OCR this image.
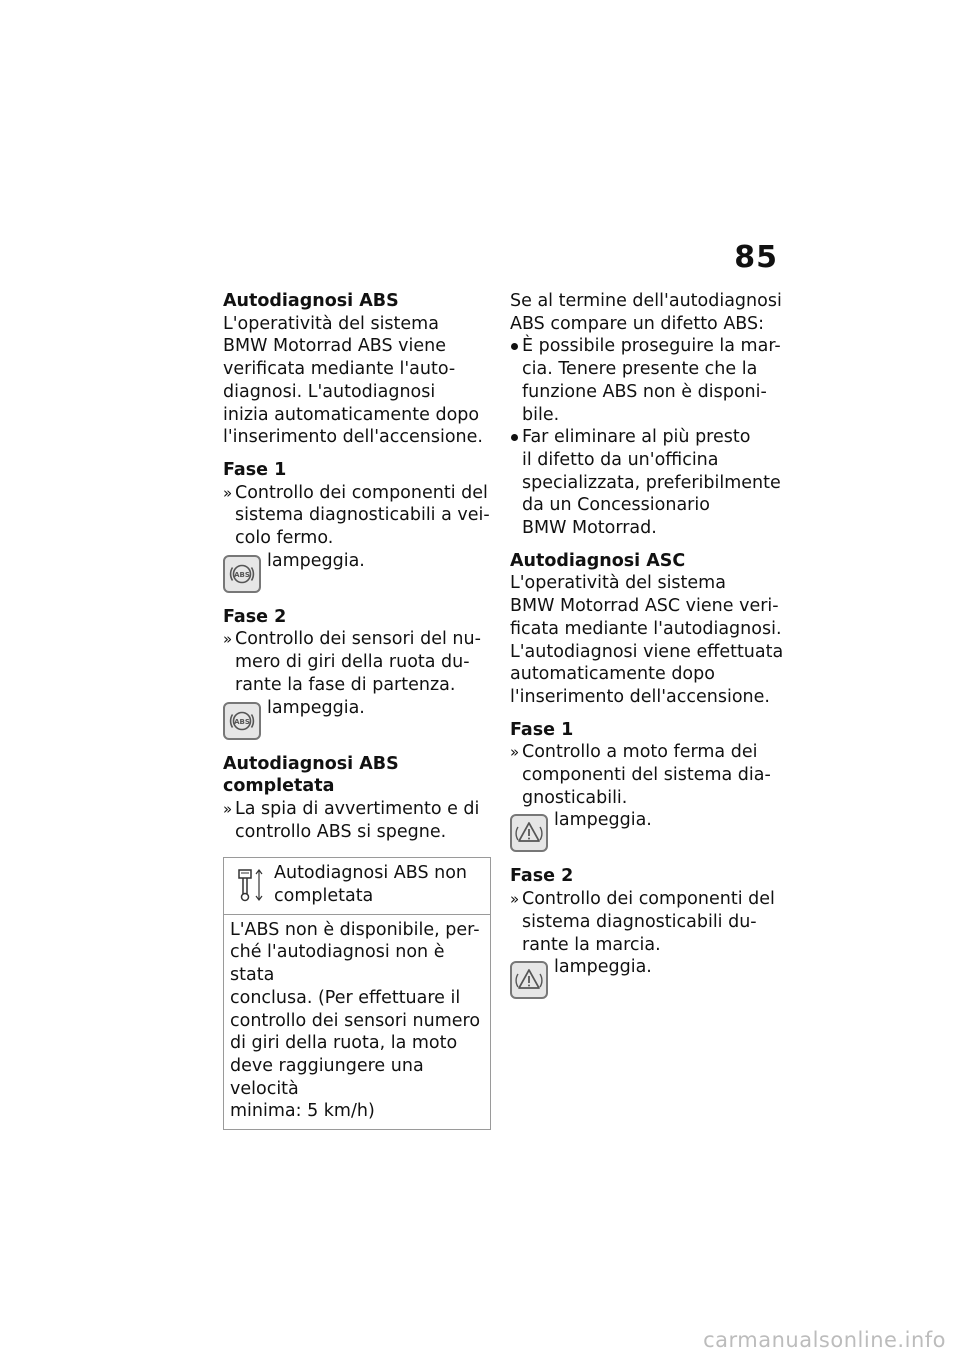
85
Autodiagnosi ABS
L'operatività del sistema
BMW Motorrad ABS viene
verificata mediante l'auto-
diagnosi. L'autodiagnosi
inizia automaticamente dopo
l'inserimento dell'accensione.
Fase 1
» Controllo dei componenti del
sistema diagnosticabili a vei-
colo fermo.
ABS
lampeggia.
Fase 2
» Controllo dei sensori del nu-
mero di giri della ruota du-
rante la fase di partenza.
ABS
lampeggia.
Autodiagnosi ABS completata
» La spia di avvertimento e di
controllo ABS si spegne.
Autodiagnosi ABS non
completata
L'ABS non è disponibile, per-
ché l'autodiagnosi non è stata
conclusa. (Per effettuare il
controllo dei sensori numero
di giri della ruota, la moto
deve raggiungere una velocità
minima: 5 km/h)
Se al termine dell'autodiagnosi
ABS compare un difetto ABS:
È possibile proseguire la mar-
cia. Tenere presente che la
funzione ABS non è disponi-
bile.
Far eliminare al più presto
il difetto da un'officina
specializzata, preferibilmente
da un Concessionario
BMW Motorrad.
Autodiagnosi ASC
L'operatività del sistema
BMW Motorrad ASC viene veri-
ficata mediante l'autodiagnosi.
L'autodiagnosi viene effettuata
automaticamente dopo
l'inserimento dell'accensione.
Fase 1
» Controllo a moto ferma dei
componenti del sistema dia-
gnosticabili.
lampeggia.
Fase 2
» Controllo dei componenti del
sistema diagnosticabili du-
rante la marcia.
lampeggia.
carmanualsonline.info
